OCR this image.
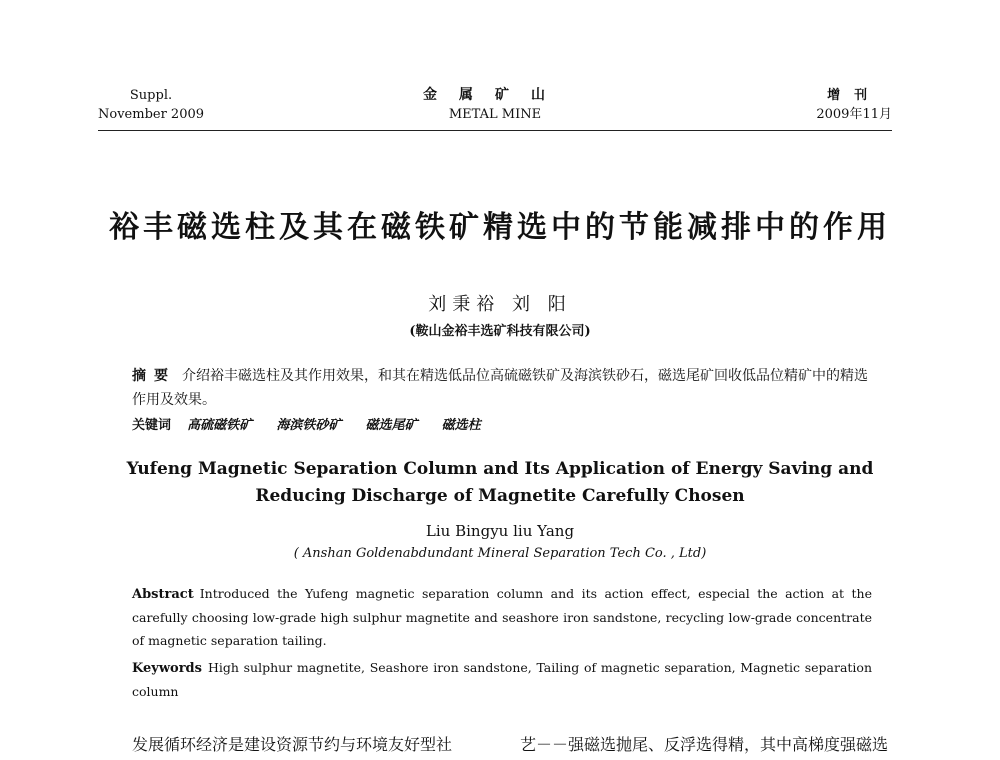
Suppl.
November 2009
金属矿山
METAL MINE
增刊
2009年11月
裕丰磁选柱及其在磁铁矿精选中的节能减排中的作用
刘秉裕 刘 阳
(鞍山金裕丰选矿科技有限公司)
摘要 介绍裕丰磁选柱及其作用效果，和其在精选低品位高硫磁铁矿及海滨铁砂石，磁选尾矿回收低品位精矿中的精选作用及效果。
关键词 高硫磁铁矿 海滨铁砂矿 磁选尾矿 磁选柱
Yufeng Magnetic Separation Column and Its Application of Energy Saving and
Reducing Discharge of Magnetite Carefully Chosen
Liu Bingyu liu Yang
( Anshan Goldenabdundant Mineral Separation Tech Co. , Ltd)
Abstract Introduced the Yufeng magnetic separation column and its action effect, especial the action at the carefully choosing low-grade high sulphur magnetite and seashore iron sandstone, recycling low-grade concentrate of magnetic separation tailing.
Keywords High sulphur magnetite, Seashore iron sandstone, Tailing of magnetic separation, Magnetic separation column
发展循环经济是建设资源节约与环境友好型社	艺－－强磁选抛尾、反浮选得精，其中高梯度强磁选
